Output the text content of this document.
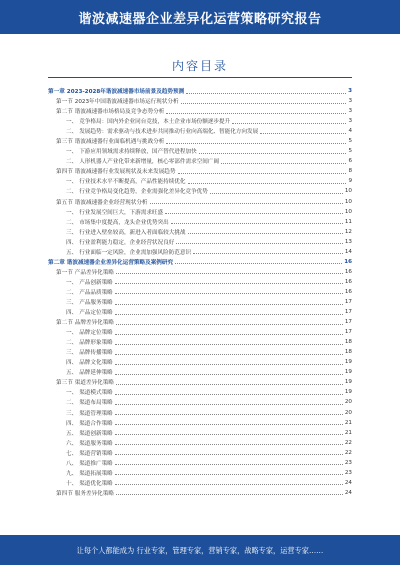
谐波减速器企业差异化运营策略研究报告
内容目录
第一章 2023-2028年谐波减速器市场前景及趋势预测	3
第一节 2023年中国谐波减速器市场运行现状分析	3
第二节 谐波减速器市场格局及竞争态势分析	3
一、 竞争格局：国内外企业同台竞技，本土企业市场份额逐步提升	3
二、 发展趋势：需求驱动与技术进步共同推动行业向高端化、智能化方向发展	4
第三节 谐波减速器行业面临机遇与挑战分析	5
一、 下游应用领域需求持续释放，国产替代进程加快	5
二、 人形机器人产业化带来新增量，核心零部件需求空间广阔	6
第四节 谐波减速器行业发展现状及未来发展趋势	8
一、 行业技术水平不断提高，产品性能持续优化	9
二、 行业竞争格局变化趋势，企业需强化差异化竞争优势	10
第五节 谐波减速器企业经营现状分析	10
一、 行业发展空间巨大，下游需求旺盛	10
二、 市场集中度提高，龙头企业优势突出	11
三、 行业进入壁垒较高，新进入者面临较大挑战	12
四、 行业盈利能力稳定，企业经营状况良好	13
五、 行业面临一定风险，企业需加强风险防范意识	14
第二章 谐波减速器企业差异化运营策略及案例研究	16
第一节 产品差异化策略	16
一、 产品创新策略	16
二、 产品品质策略	16
三、 产品服务策略	17
四、 产品定位策略	17
第二节 品牌差异化策略	17
一、 品牌定位策略	17
二、 品牌形象策略	18
三、 品牌传播策略	18
四、 品牌文化策略	19
五、 品牌延伸策略	19
第三节 渠道差异化策略	19
一、 渠道模式策略	19
二、 渠道布局策略	20
三、 渠道管理策略	20
四、 渠道合作策略	21
五、 渠道创新策略	21
六、 渠道服务策略	22
七、 渠道营销策略	22
八、 渠道推广策略	23
九、 渠道拓展策略	23
十、 渠道优化策略	24
第四节 服务差异化策略	24
让每个人都能成为 行业专家，管理专家，营销专家，战略专家，运营专家……
